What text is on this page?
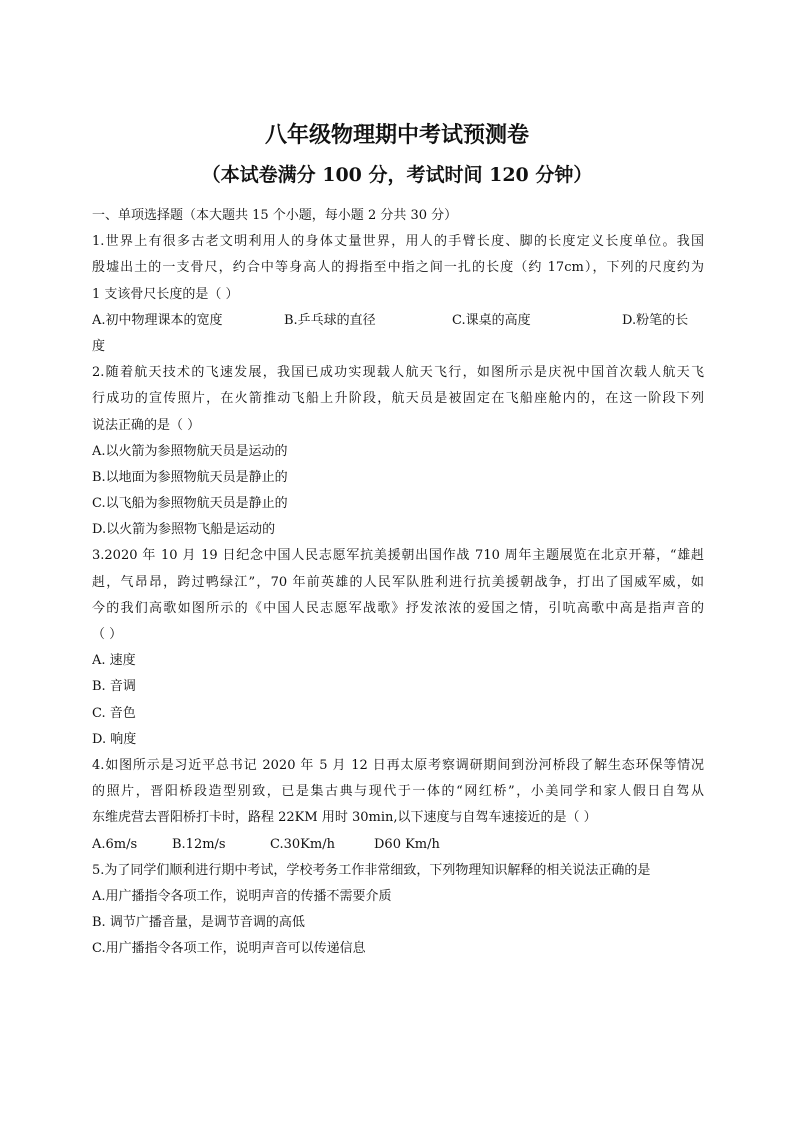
八年级物理期中考试预测卷
（本试卷满分 100 分，考试时间 120 分钟）
一、单项选择题（本大题共 15 个小题，每小题 2 分共 30 分）
1.世界上有很多古老文明利用人的身体丈量世界，用人的手臂长度、脚的长度定义长度单位。我国
殷墟出土的一支骨尺，约合中等身高人的拇指至中指之间一扎的长度（约 17cm），下列的尺度约为
1 支该骨尺长度的是（ ）
A.初中物理课本的宽度	B.乒乓球的直径	C.课桌的高度	D.粉笔的长
度
2.随着航天技术的飞速发展，我国已成功实现载人航天飞行，如图所示是庆祝中国首次载人航天飞
行成功的宣传照片，在火箭推动飞船上升阶段，航天员是被固定在飞船座舱内的，在这一阶段下列
说法正确的是（ ）
A.以火箭为参照物航天员是运动的
B.以地面为参照物航天员是静止的
C.以飞船为参照物航天员是静止的
D.以火箭为参照物飞船是运动的
3.2020 年 10 月 19 日纪念中国人民志愿军抗美援朝出国作战 710 周年主题展览在北京开幕，“雄赳
赳，气昂昂，跨过鸭绿江”，70 年前英雄的人民军队胜利进行抗美援朝战争，打出了国威军威，如
今的我们高歌如图所示的《中国人民志愿军战歌》抒发浓浓的爱国之情，引吭高歌中高是指声音的
（ ）
A. 速度
B. 音调
C. 音色
D. 响度
4.如图所示是习近平总书记 2020 年 5 月 12 日再太原考察调研期间到汾河桥段了解生态环保等情况
的照片，晋阳桥段造型别致，已是集古典与现代于一体的“网红桥”，小美同学和家人假日自驾从
东维虎营去晋阳桥打卡时，路程 22KM 用时 30min,以下速度与自驾车速接近的是（ ）
A.6m/s	B.12m/s	C.30Km/h	D60 Km/h
5.为了同学们顺利进行期中考试，学校考务工作非常细致，下列物理知识解释的相关说法正确的是
A.用广播指令各项工作，说明声音的传播不需要介质
B. 调节广播音量，是调节音调的高低
C.用广播指令各项工作，说明声音可以传递信息
